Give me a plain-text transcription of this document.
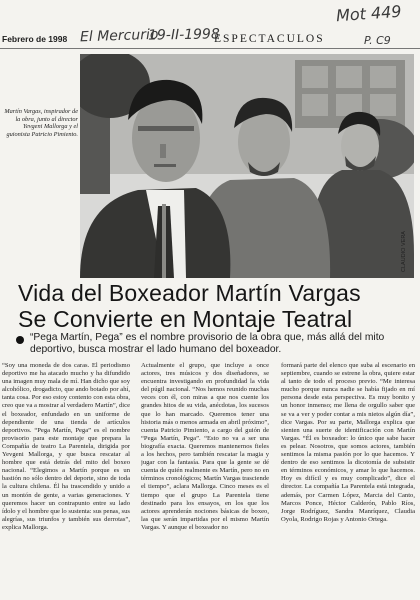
Febrero de 1998
Mot 449
El Mercurio
19-II-1998
ESPECTACULOS	P. C9
CLAUDIO VERA
Martín Vargas, inspirador de la obra, junto al director Yevgeni Mallorga y el guionista Patricio Pimiento.
Vida del Boxeador Martín Vargas
Se Convierte en Montaje Teatral

“Pega Martín, Pega” es el nombre provisorio de la obra que, más allá del mito deportivo, busca mostrar el lado humano del boxeador.

“Soy una moneda de dos caras. El periodismo deportivo me ha atacado mucho y ha difundido una imagen muy mala de mí. Han dicho que soy alcohólico, drogadicto, que ando botado por ahí, tanta cosa. Por eso estoy contento con esta obra, creo que va a mostrar al verdadero Martín”, dice el boxeador, enfundado en un uniforme de dependiente de una tienda de artículos deportivos. “Pega Martín, Pega” es el nombre provisorio para este montaje que prepara la Compañía de teatro La Parentela, dirigida por Yevgeni Mallorga, y que busca rescatar al hombre que está detrás del mito del boxeo nacional. “Elegimos a Martín porque es un bastión no sólo dentro del deporte, sino de toda la cultura chilena. Él ha trascendido y unido a un montón de gente, a varias generaciones. Y queremos hacer un contrapunto entre su lado ídolo y el hombre que lo sustenta: sus penas, sus alegrías, sus triunfos y también sus derrotas”, explica Mallorga.

Actualmente el grupo, que incluye a once actores, tres músicos y dos diseñadores, se encuentra investigando en profundidad la vida del púgil nacional. “Nos hemos reunido muchas veces con él, con miras a que nos cuente los grandes hitos de su vida, anécdotas, los sucesos que lo han marcado. Queremos tener una historia más o menos armada en abril próximo”, cuenta Patricio Pimiento, a cargo del guión de “Pega Martín, Pega”. “Esto no va a ser una biografía exacta. Queremos mantenernos fieles a los hechos, pero también rescatar la magia y jugar con la fantasía. Para que la gente se dé cuenta de quién realmente es Martín, pero no en términos cronológicos; Martín Vargas trasciende el tiempo”, aclara Mallorga. Cinco meses es el tiempo que el grupo La Parentela tiene destinado para los ensayos, en los que los actores aprenderán nociones básicas de boxeo, las que serán impartidas por el mismo Martín Vargas. Y aunque el boxeador no

formará parte del elenco que suba al escenario en septiembre, cuando se estrene la obra, quiere estar al tanto de todo el proceso previo. “Me interesa mucho porque nunca nadie se había fijado en mí persona desde esta perspectiva. Es muy bonito y un honor inmenso; me llena de orgullo saber que se va a ver y poder contar a mis nietos algún día”, dice Vargas. Por su parte, Mallorga explica que sienten una suerte de identificación con Martín Vargas. “Él es boxeador: lo único que sabe hacer es pelear. Nosotros, que somos actores, también sentimos la misma pasión por lo que hacemos. Y dentro de eso sentimos la dicotomía de subsistir en términos económicos, y amar lo que hacemos. Hoy es difícil y es muy complicado”, dice el director. La compañía La Parentela está integrada, además, por Carmen López, Marcia del Canto, Marcos Ponce, Héctor Calderón, Pablo Ríos, Jorge Rodríguez, Sandra Manríquez, Claudia Oyola, Rodrigo Rojas y Antonio Ortega.
